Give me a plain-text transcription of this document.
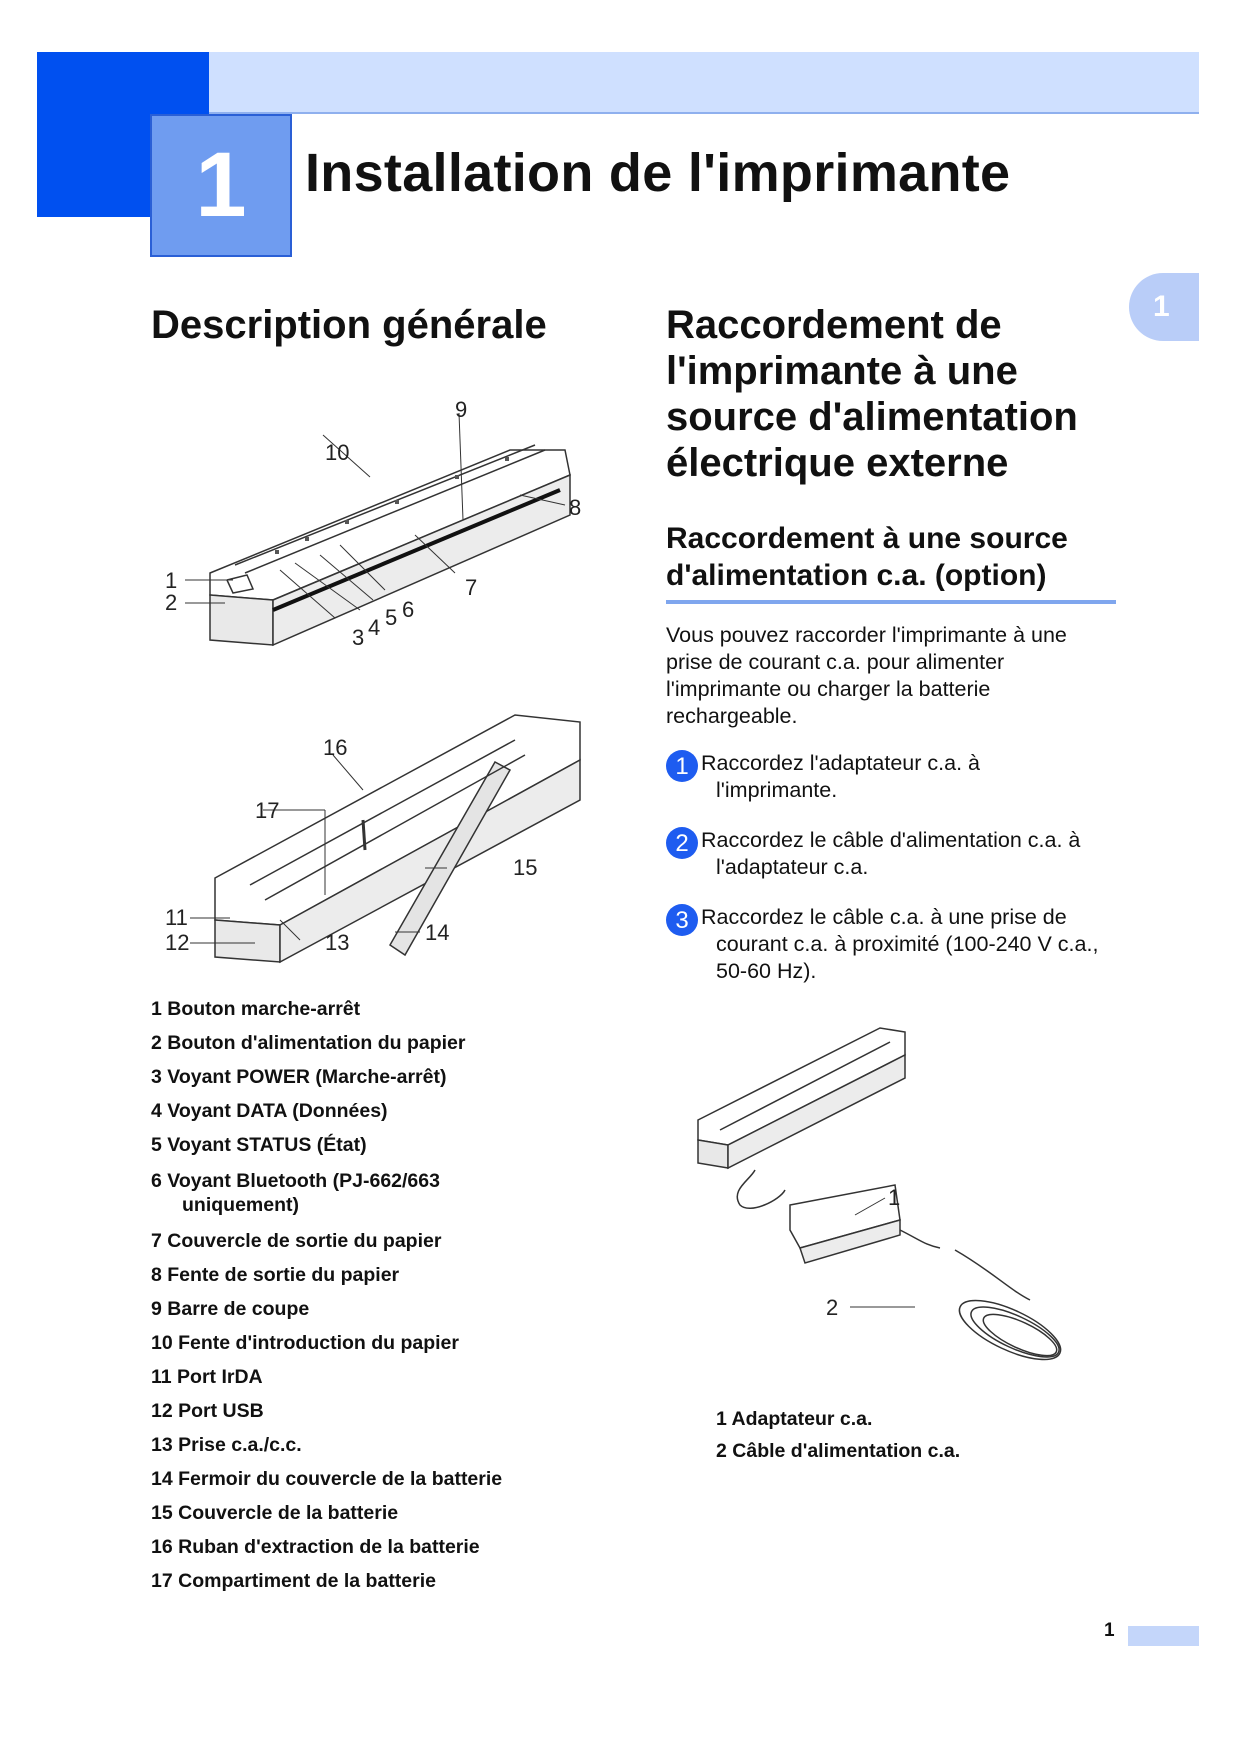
1	Installation de l'imprimante
1
Description générale
1
2
3 4 5 6
7
8
9
10
11
12	13	14
15
16
17
1 Bouton marche-arrêt
2 Bouton d'alimentation du papier
3 Voyant POWER (Marche-arrêt)
4 Voyant DATA (Données)
5 Voyant STATUS (État)
6 Voyant Bluetooth (PJ-662/663
uniquement)
7 Couvercle de sortie du papier
8 Fente de sortie du papier
9 Barre de coupe
10 Fente d'introduction du papier
11 Port IrDA
12 Port USB
13 Prise c.a./c.c.
14 Fermoir du couvercle de la batterie
15 Couvercle de la batterie
16 Ruban d'extraction de la batterie
17 Compartiment de la batterie
Raccordement de
l'imprimante à une
source d'alimentation
électrique externe
Raccordement à une source
d'alimentation c.a. (option)

Vous pouvez raccorder l'imprimante à une
prise de courant c.a. pour alimenter
l'imprimante ou charger la batterie
rechargeable.

1 Raccordez l'adaptateur c.a. à
l'imprimante.
2 Raccordez le câble d'alimentation c.a. à
l'adaptateur c.a.
3 Raccordez le câble c.a. à une prise de
courant c.a. à proximité (100-240 V c.a.,
50-60 Hz).
1
2
1 Adaptateur c.a.
2 Câble d'alimentation c.a.
1
